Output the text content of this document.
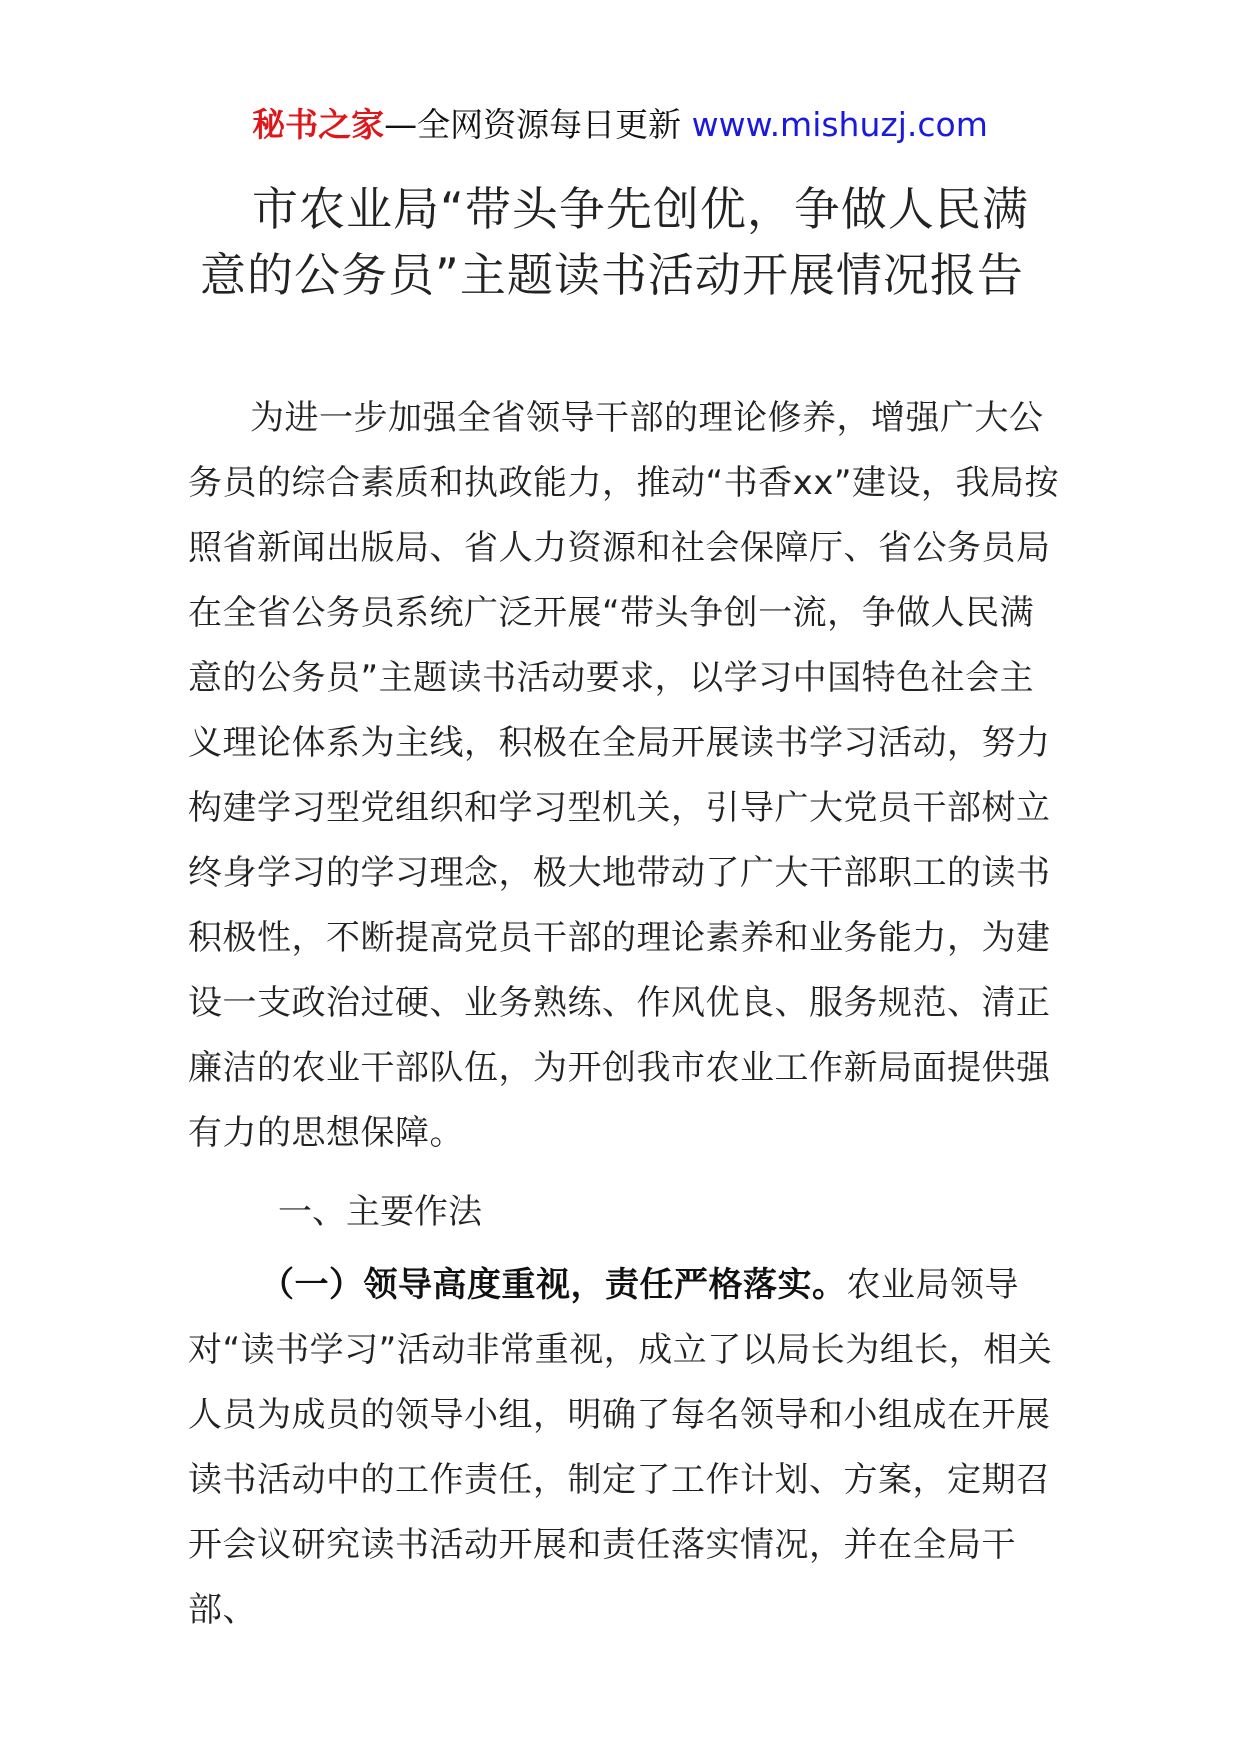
秘书之家—全网资源每日更新 www.mishuzj.com
市农业局“带头争先创优，争做人民满
意的公务员”主题读书活动开展情况报告
为进一步加强全省领导干部的理论修养，增强广大公务员的综合素质和执政能力，推动“书香xx”建设，我局按照省新闻出版局、省人力资源和社会保障厅、省公务员局在全省公务员系统广泛开展“带头争创一流，争做人民满意的公务员”主题读书活动要求，以学习中国特色社会主义理论体系为主线，积极在全局开展读书学习活动，努力构建学习型党组织和学习型机关，引导广大党员干部树立终身学习的学习理念，极大地带动了广大干部职工的读书积极性，不断提高党员干部的理论素养和业务能力，为建设一支政治过硬、业务熟练、作风优良、服务规范、清正廉洁的农业干部队伍，为开创我市农业工作新局面提供强有力的思想保障。
一、主要作法
（一）领导高度重视，责任严格落实。农业局领导对“读书学习”活动非常重视，成立了以局长为组长，相关人员为成员的领导小组，明确了每名领导和小组成在开展读书活动中的工作责任，制定了工作计划、方案，定期召开会议研究读书活动开展和责任落实情况，并在全局干部、
